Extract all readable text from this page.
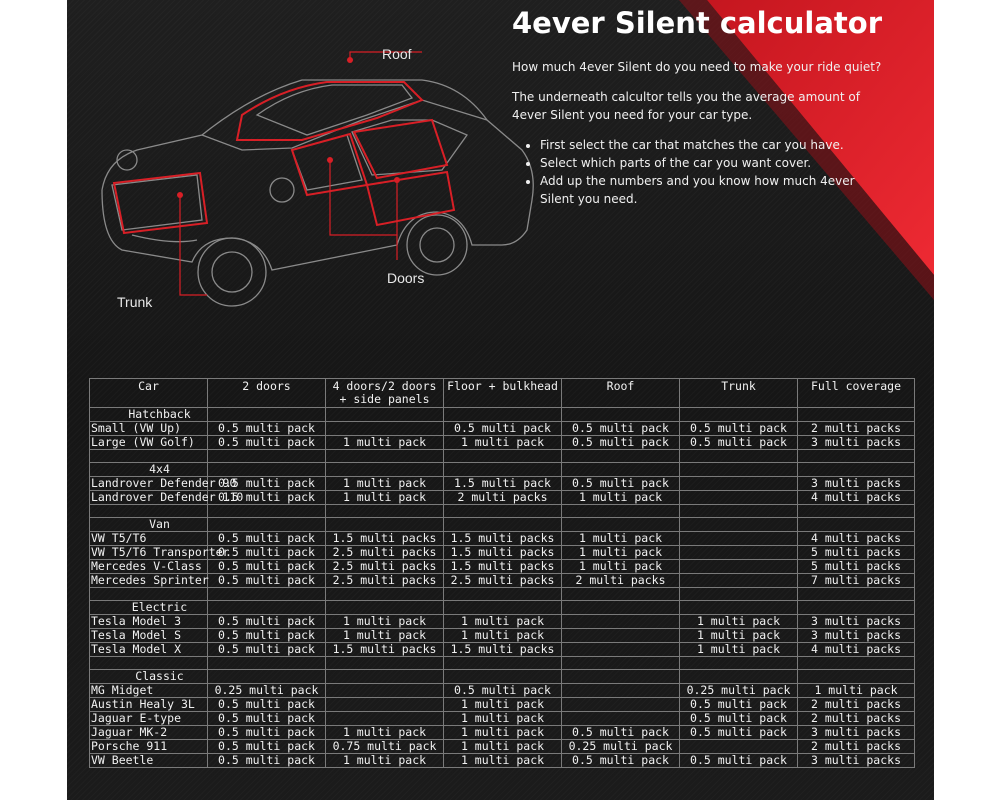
Roof
Doors
Trunk
4ever Silent calculator

How much 4ever Silent do you need to make your ride quiet?

The underneath calcultor tells you the average amount of 4ever Silent you need for your car type.

• First select the car that matches the car you have.
• Select which parts of the car you want cover.
• Add up the numbers and you know how much 4ever Silent you need.
Car	2 doors	4 doors/2 doors + side panels	Floor + bulkhead	Roof	Trunk	Full coverage
Hatchback						
Small (VW Up)	0.5 multi pack		0.5 multi pack	0.5 multi pack	0.5 multi pack	2 multi packs
Large (VW Golf)	0.5 multi pack	1 multi pack	1 multi pack	0.5 multi pack	0.5 multi pack	3 multi packs

4x4						
Landrover Defender 90	0.5 multi pack	1 multi pack	1.5 multi pack	0.5 multi pack		3 multi packs
Landrover Defender 110	0.5 multi pack	1 multi pack	2 multi packs	1 multi pack		4 multi packs

Van						
VW T5/T6	0.5 multi pack	1.5 multi packs	1.5 multi packs	1 multi pack		4 multi packs
VW T5/T6 Transporter	0.5 multi pack	2.5 multi packs	1.5 multi packs	1 multi pack		5 multi packs
Mercedes V-Class	0.5 multi pack	2.5 multi packs	1.5 multi packs	1 multi pack		5 multi packs
Mercedes Sprinter	0.5 multi pack	2.5 multi packs	2.5 multi packs	2 multi packs		7 multi packs

Electric						
Tesla Model 3	0.5 multi pack	1 multi pack	1 multi pack		1 multi pack	3 multi packs
Tesla Model S	0.5 multi pack	1 multi pack	1 multi pack		1 multi pack	3 multi packs
Tesla Model X	0.5 multi pack	1.5 multi packs	1.5 multi packs		1 multi pack	4 multi packs

Classic						
MG Midget	0.25 multi pack		0.5 multi pack		0.25 multi pack	1 multi pack
Austin Healy 3L	0.5 multi pack		1 multi pack		0.5 multi pack	2 multi packs
Jaguar E-type	0.5 multi pack		1 multi pack		0.5 multi pack	2 multi packs
Jaguar MK-2	0.5 multi pack	1 multi pack	1 multi pack	0.5 multi pack	0.5 multi pack	3 multi packs
Porsche 911	0.5 multi pack	0.75 multi pack	1 multi pack	0.25 multi pack		2 multi packs
VW Beetle	0.5 multi pack	1 multi pack	1 multi pack	0.5 multi pack	0.5 multi pack	3 multi packs
